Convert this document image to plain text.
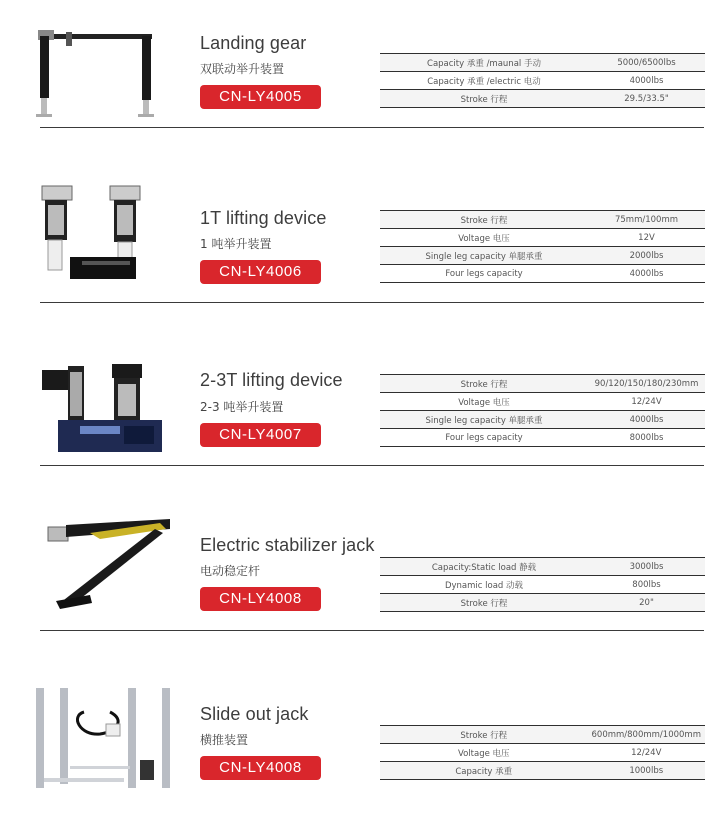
Landing gear
双联动举升装置
CN-LY4005
Capacity 承重 /maunal 手动	5000/6500lbs
Capacity 承重 /electric 电动	4000lbs
Stroke 行程	29.5/33.5"
1T lifting device
1 吨举升装置
CN-LY4006
Stroke 行程	75mm/100mm
Voltage 电压	12V
Single leg capacity 单腿承重	2000lbs
Four legs capacity	4000lbs
2-3T lifting device
2-3 吨举升装置
CN-LY4007
Stroke 行程	90/120/150/180/230mm
Voltage 电压	12/24V
Single leg capacity 单腿承重	4000lbs
Four legs capacity	8000lbs
Electric stabilizer jack
电动稳定杆
CN-LY4008
Capacity:Static load 静载	3000lbs
Dynamic load 动载	800lbs
Stroke 行程	20"
Slide out jack
横推装置
CN-LY4008
Stroke 行程	600mm/800mm/1000mm
Voltage 电压	12/24V
Capacity 承重	1000lbs
